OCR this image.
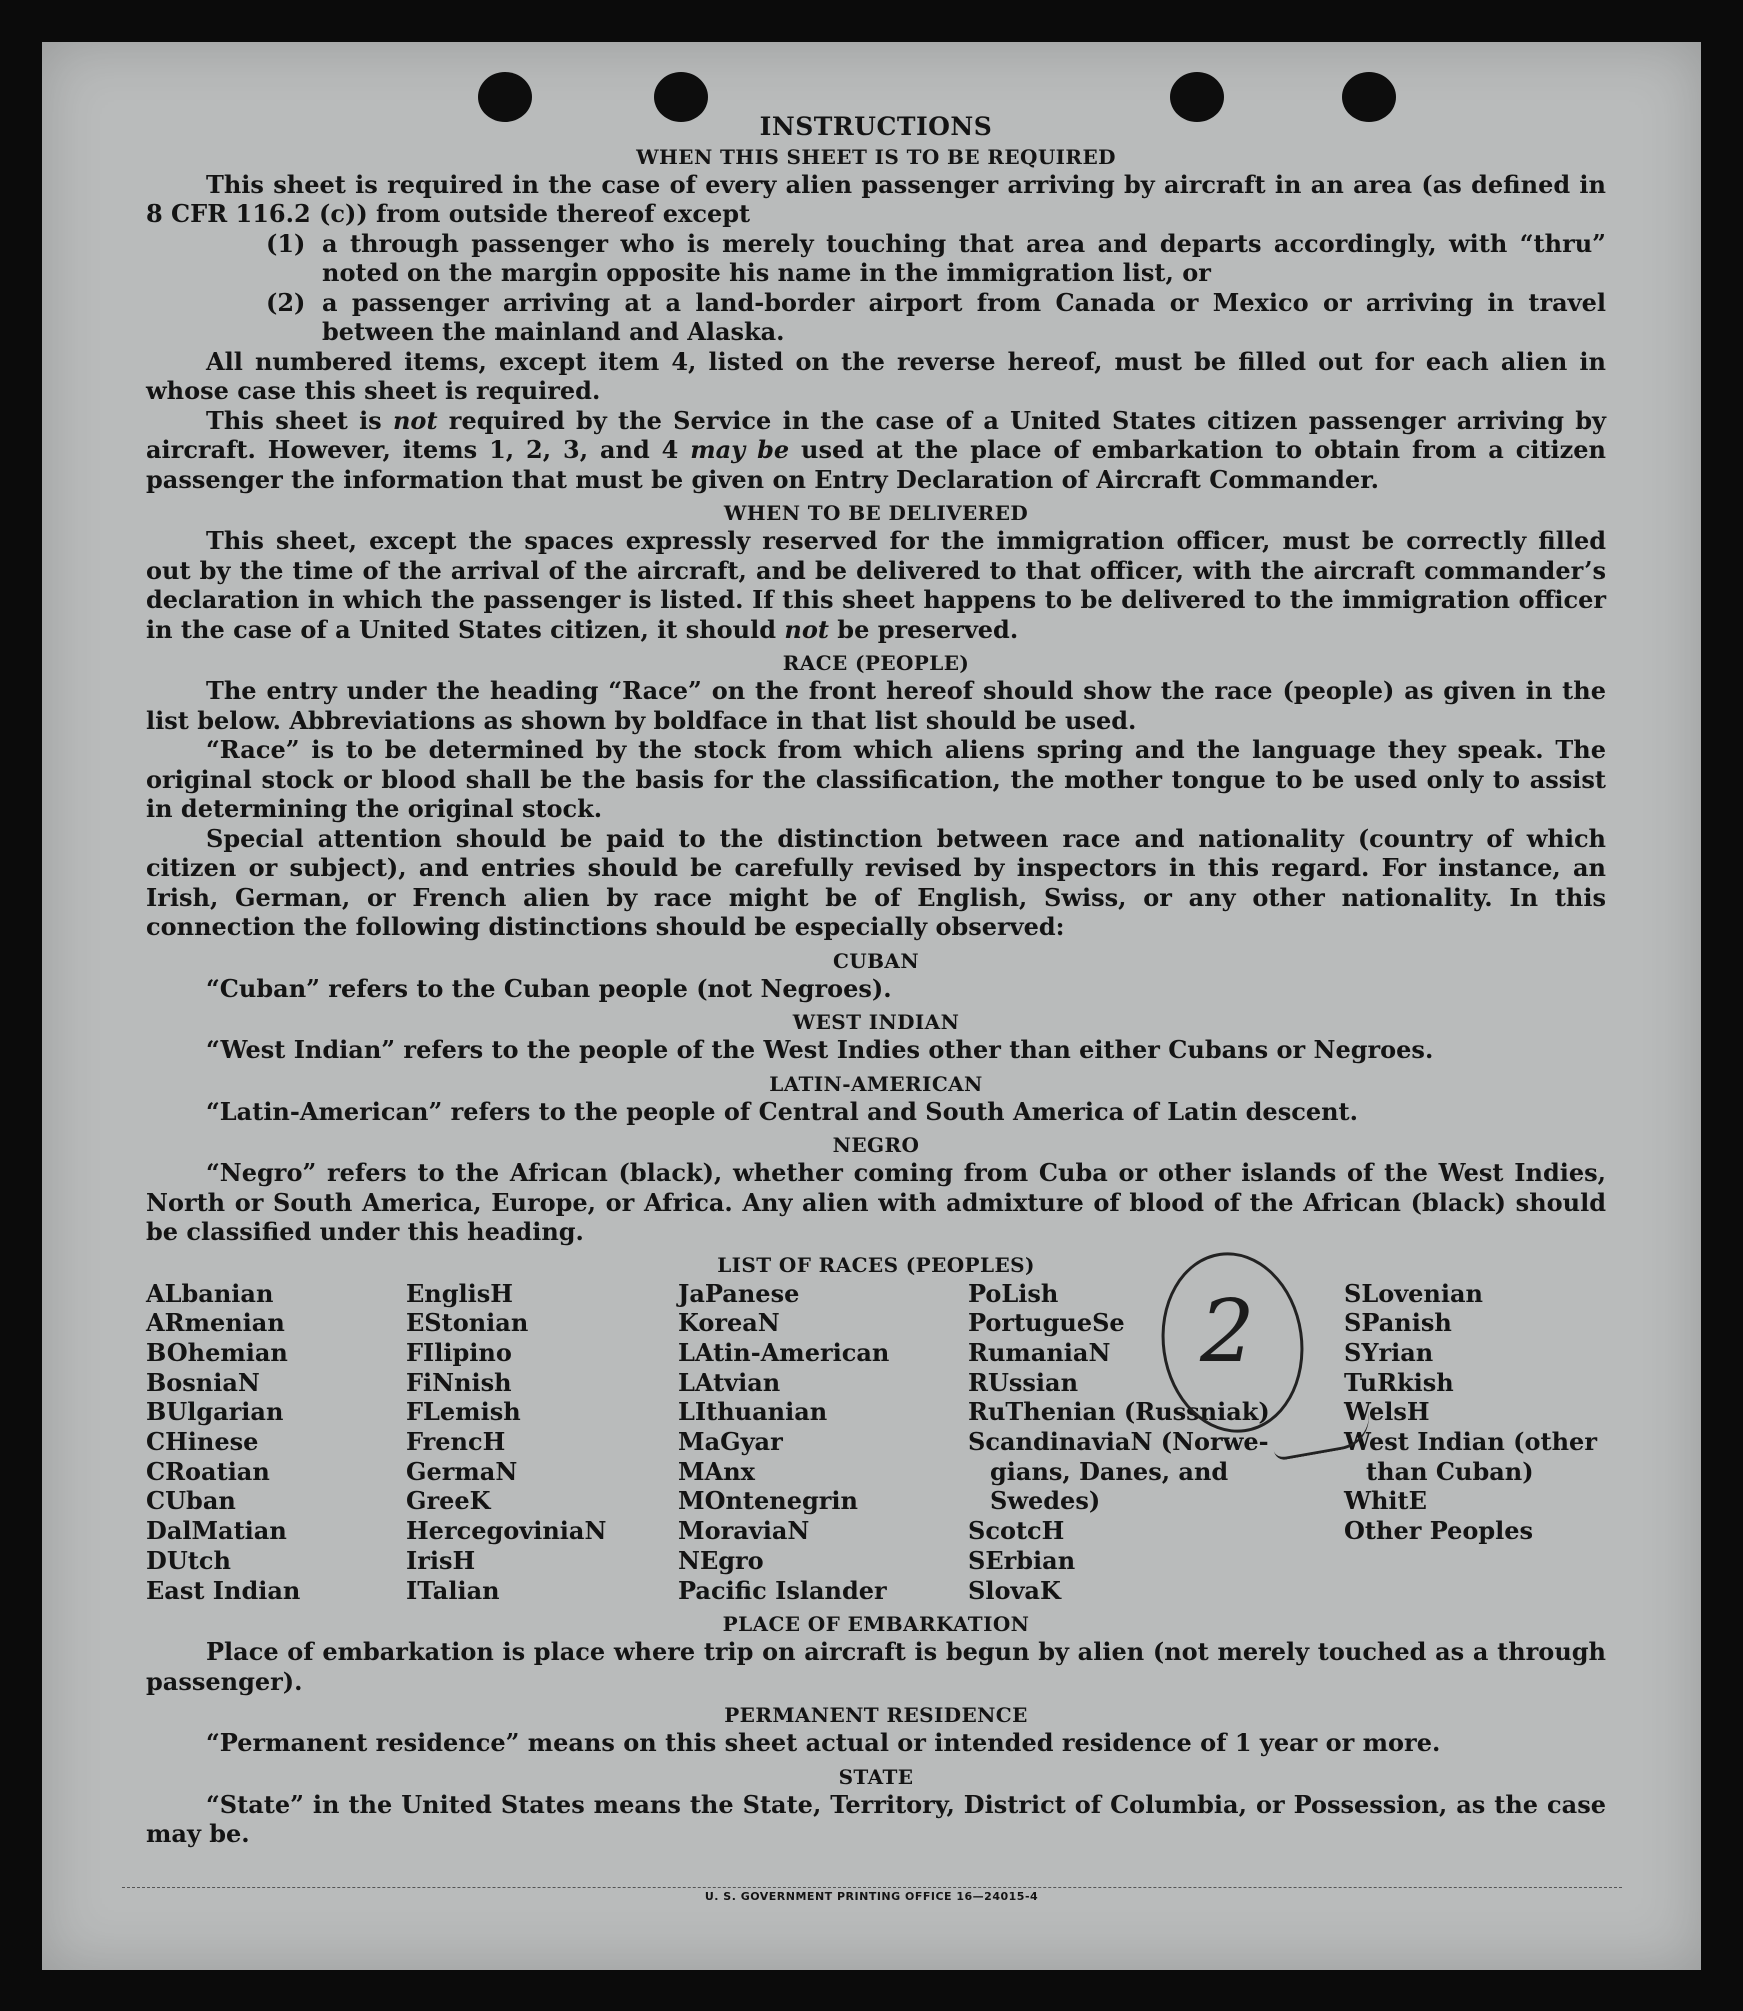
INSTRUCTIONS
WHEN THIS SHEET IS TO BE REQUIRED

This sheet is required in the case of every alien passenger arriving by aircraft in an area (as defined in 8 CFR 116.2 (c)) from outside thereof except

(1) a through passenger who is merely touching that area and departs accordingly, with “thru” noted on the margin opposite his name in the immigration list, or
(2) a passenger arriving at a land-border airport from Canada or Mexico or arriving in travel between the mainland and Alaska.

All numbered items, except item 4, listed on the reverse hereof, must be filled out for each alien in whose case this sheet is required.

This sheet is not required by the Service in the case of a United States citizen passenger arriving by aircraft. However, items 1, 2, 3, and 4 may be used at the place of embarkation to obtain from a citizen passenger the information that must be given on Entry Declaration of Aircraft Commander.

WHEN TO BE DELIVERED

This sheet, except the spaces expressly reserved for the immigration officer, must be correctly filled out by the time of the arrival of the aircraft, and be delivered to that officer, with the aircraft commander’s declaration in which the passenger is listed. If this sheet happens to be delivered to the immigration officer in the case of a United States citizen, it should not be preserved.

RACE (PEOPLE)

The entry under the heading “Race” on the front hereof should show the race (people) as given in the list below. Abbreviations as shown by boldface in that list should be used.

“Race” is to be determined by the stock from which aliens spring and the language they speak. The original stock or blood shall be the basis for the classification, the mother tongue to be used only to assist in determining the original stock.

Special attention should be paid to the distinction between race and nationality (country of which citizen or subject), and entries should be carefully revised by inspectors in this regard. For instance, an Irish, German, or French alien by race might be of English, Swiss, or any other nationality. In this connection the following distinctions should be especially observed:

CUBAN

“Cuban” refers to the Cuban people (not Negroes).

WEST INDIAN

“West Indian” refers to the people of the West Indies other than either Cubans or Negroes.

LATIN-AMERICAN

“Latin-American” refers to the people of Central and South America of Latin descent.

NEGRO

“Negro” refers to the African (black), whether coming from Cuba or other islands of the West Indies, North or South America, Europe, or Africa. Any alien with admixture of blood of the African (black) should be classified under this heading.

LIST OF RACES (PEOPLES)
ALbanian
ARmenian
BOhemian
BosniaN
BUlgarian
CHinese
CRoatian
CUban
DalMatian
DUtch
East Indian
EnglisH
EStonian
FIlipino
FiNnish
FLemish
FrencH
GermaN
GreeK
HercegoviniaN
IrisH
ITalian
JaPanese
KoreaN
LAtin-American
LAtvian
LIthuanian
MaGyar
MAnx
MOntenegrin
MoraviaN
NEgro
Pacific Islander
PoLish
PortugueSe
RumaniaN
RUssian
RuThenian (Russniak)
ScandinaviaN (Norwe-
gians, Danes, and
Swedes)
ScotcH
SErbian
SlovaK
SLovenian
SPanish
SYrian
TuRkish
WelsH
West Indian (other
than Cuban)
WhitE
Other Peoples
PLACE OF EMBARKATION

Place of embarkation is place where trip on aircraft is begun by alien (not merely touched as a through passenger).

PERMANENT RESIDENCE

“Permanent residence” means on this sheet actual or intended residence of 1 year or more.

STATE

“State” in the United States means the State, Territory, District of Columbia, or Possession, as the case may be.

U. S. GOVERNMENT PRINTING OFFICE 16—24015-4
2
